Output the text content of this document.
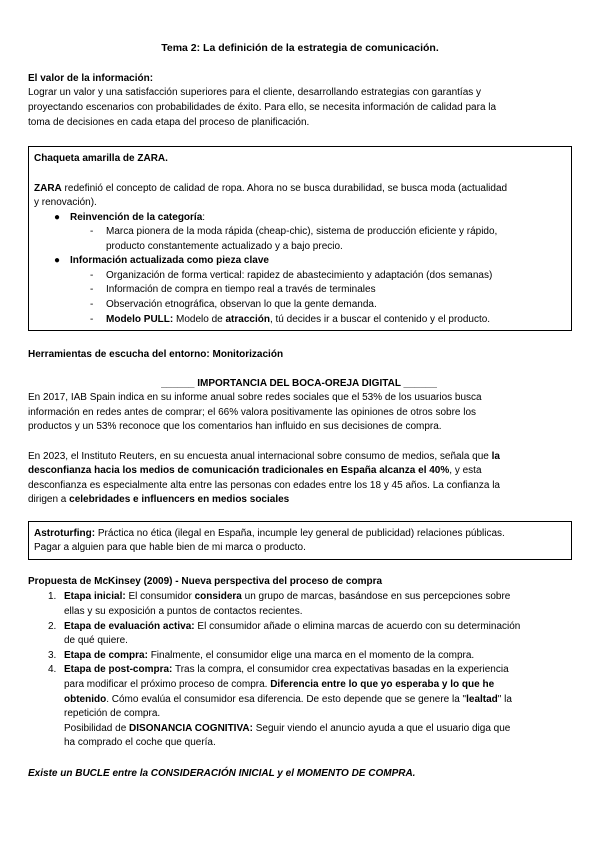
Tema 2: La definición de la estrategia de comunicación.

El valor de la información:

Lograr un valor y una satisfacción superiores para el cliente, desarrollando estrategias con garantías y

proyectando escenarios con probabilidades de éxito. Para ello, se necesita información de calidad para la

toma de decisiones en cada etapa del proceso de planificación.

Chaqueta amarilla de ZARA.

ZARA redefinió el concepto de calidad de ropa. Ahora no se busca durabilidad, se busca moda (actualidad

y renovación).

● Reinvención de la categoría:

- Marca pionera de la moda rápida (cheap-chic), sistema de producción eficiente y rápido,

producto constantemente actualizado y a bajo precio.

● Información actualizada como pieza clave

- Organización de forma vertical: rapidez de abastecimiento y adaptación (dos semanas)

- Información de compra en tiempo real a través de terminales

- Observación etnográfica, observan lo que la gente demanda.

- Modelo PULL: Modelo de atracción, tú decides ir a buscar el contenido y el producto.

Herramientas de escucha del entorno: Monitorización

______ IMPORTANCIA DEL BOCA-OREJA DIGITAL ______

En 2017, IAB Spain indica en su informe anual sobre redes sociales que el 53% de los usuarios busca

información en redes antes de comprar; el 66% valora positivamente las opiniones de otros sobre los

productos y un 53% reconoce que los comentarios han influido en sus decisiones de compra.

En 2023, el Instituto Reuters, en su encuesta anual internacional sobre consumo de medios, señala que la

desconfianza hacia los medios de comunicación tradicionales en España alcanza el 40%, y esta

desconfianza es especialmente alta entre las personas con edades entre los 18 y 45 años. La confianza la

dirigen a celebridades e influencers en medios sociales

Astroturfing: Práctica no ética (ilegal en España, incumple ley general de publicidad) relaciones públicas.

Pagar a alguien para que hable bien de mi marca o producto.

Propuesta de McKinsey (2009) - Nueva perspectiva del proceso de compra

1. Etapa inicial: El consumidor considera un grupo de marcas, basándose en sus percepciones sobre

ellas y su exposición a puntos de contactos recientes.

2. Etapa de evaluación activa: El consumidor añade o elimina marcas de acuerdo con su determinación

de qué quiere.

3. Etapa de compra: Finalmente, el consumidor elige una marca en el momento de la compra.

4. Etapa de post-compra: Tras la compra, el consumidor crea expectativas basadas en la experiencia

para modificar el próximo proceso de compra. Diferencia entre lo que yo esperaba y lo que he

obtenido. Cómo evalúa el consumidor esa diferencia. De esto depende que se genere la "lealtad" la

repetición de compra.

Posibilidad de DISONANCIA COGNITIVA: Seguir viendo el anuncio ayuda a que el usuario diga que

ha comprado el coche que quería.

Existe un BUCLE entre la CONSIDERACIÓN INICIAL y el MOMENTO DE COMPRA.
